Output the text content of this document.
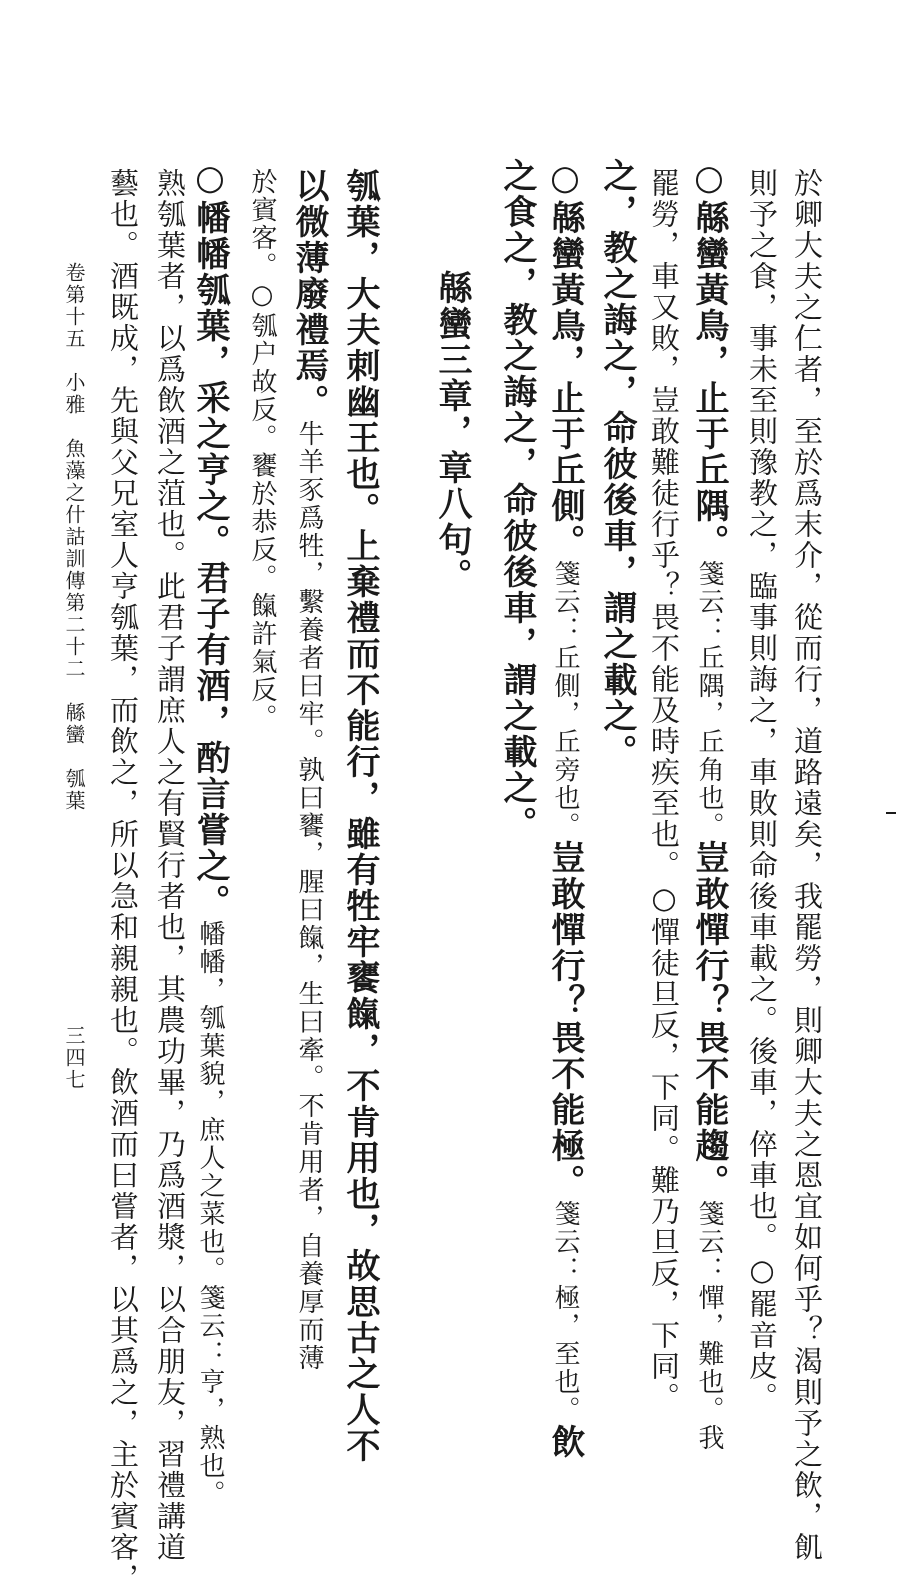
於卿大夫之仁者，至於爲末介，從而行，道路遠矣，我罷勞，則卿大夫之恩宜如何乎？渴則予之飲，飢
則予之食，事未至則豫教之，臨事則誨之，車敗則命後車載之。後車，倅車也。○罷音皮。
○緜蠻黃鳥，止于丘隅。箋云：丘隅，丘角也。豈敢憚行？畏不能趨。箋云：憚，難也。我
罷勞，車又敗，豈敢難徒行乎？畏不能及時疾至也。○憚徒旦反，下同。難乃旦反，下同。
之，教之誨之，命彼後車，謂之載之。
○緜蠻黃鳥，止于丘側。箋云：丘側，丘旁也。豈敢憚行？畏不能極。箋云：極，至也。飲
之食之，教之誨之，命彼後車，謂之載之。
緜蠻三章，章八句。
瓠葉，大夫刺幽王也。上棄禮而不能行，雖有牲牢饔餼，不肯用也，故思古之人不
以微薄廢禮焉。牛羊豕爲牲，繫養者曰牢。孰曰饔，腥曰餼，生曰牽。不肯用者，自養厚而薄
於賓客。○瓠户故反。饔於恭反。餼許氣反。
○幡幡瓠葉，采之亨之。君子有酒，酌言嘗之。幡幡，瓠葉貌，庶人之菜也。箋云：亨，熟也。
熟瓠葉者，以爲飲酒之菹也。此君子謂庶人之有賢行者也，其農功畢，乃爲酒漿，以合朋友，習禮講道
藝也。酒既成，先與父兄室人亨瓠葉，而飲之，所以急和親親也。飲酒而曰嘗者，以其爲之，主於賓客，
卷第十五　小雅　魚藻之什詁訓傳第二十二　緜蠻　瓠葉
三四七
